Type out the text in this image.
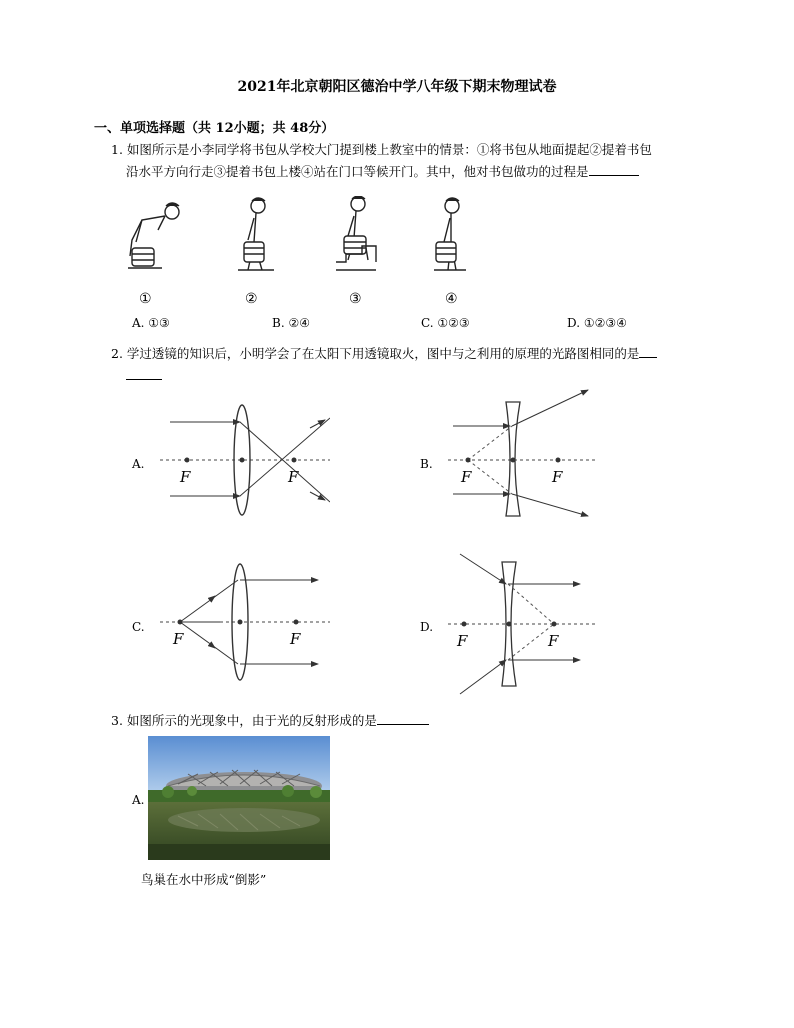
2021年北京朝阳区德治中学八年级下期末物理试卷
一、单项选择题（共 12小题；共 48分）
1. 如图所示是小李同学将书包从学校大门提到楼上教室中的情景：①将书包从地面提起②提着书包
沿水平方向行走③提着书包上楼④站在门口等候开门。其中，他对书包做功的过程是
①	②	③	④
A. ①③	B. ②④	C. ①②③	D. ①②③④
2. 学过透镜的知识后，小明学会了在太阳下用透镜取火，图中与之利用的原理的光路图相同的是
A.
F	F
B.
F	F
C.
F	F
D.
F	F
3. 如图所示的光现象中，由于光的反射形成的是
A.
鸟巢在水中形成“倒影”
